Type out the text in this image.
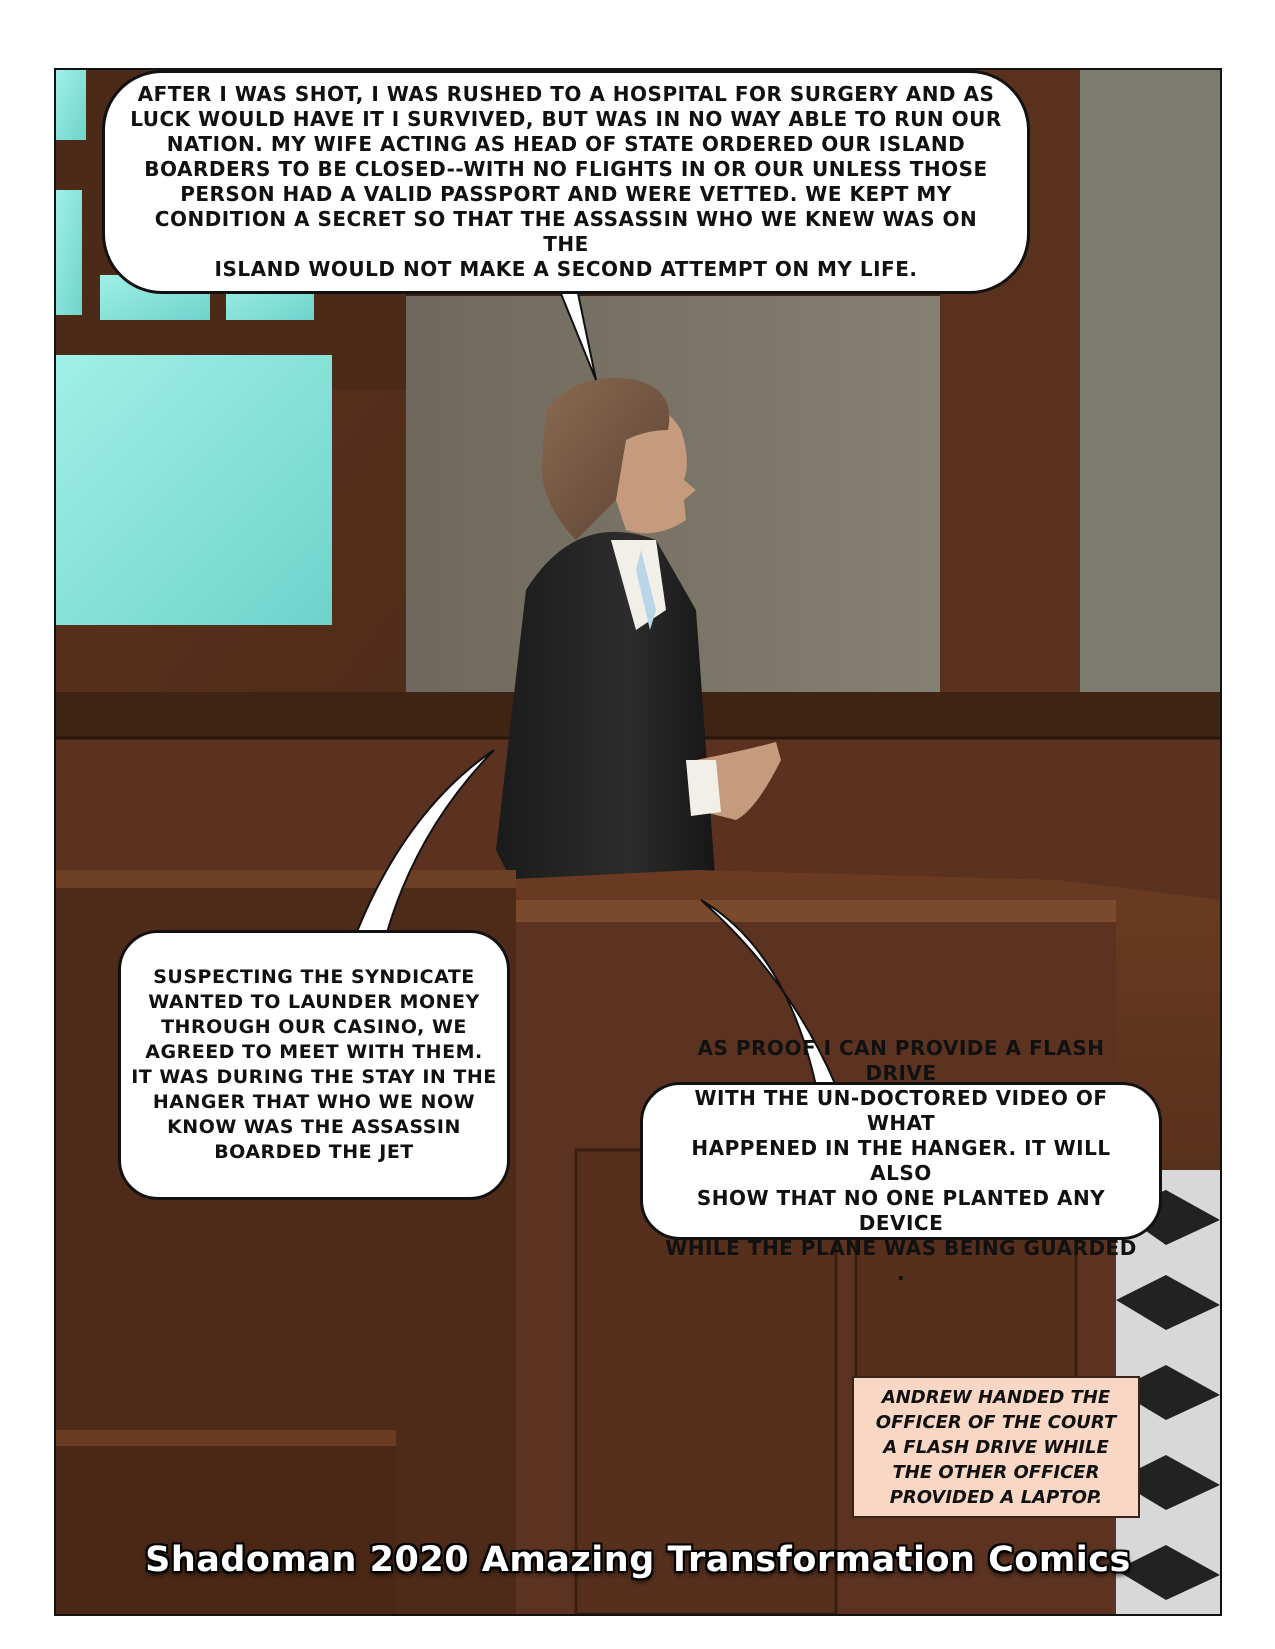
AFTER I WAS SHOT, I WAS RUSHED TO A HOSPITAL FOR SURGERY AND AS
LUCK WOULD HAVE IT I SURVIVED, BUT WAS IN NO WAY ABLE TO RUN OUR
NATION. MY WIFE ACTING AS HEAD OF STATE ORDERED OUR ISLAND
BOARDERS TO BE CLOSED--WITH NO FLIGHTS IN OR OUR UNLESS THOSE
PERSON HAD A VALID PASSPORT AND WERE VETTED. WE KEPT MY
CONDITION A SECRET SO THAT THE ASSASSIN WHO WE KNEW WAS ON THE
ISLAND WOULD NOT MAKE A SECOND ATTEMPT ON MY LIFE.
SUSPECTING THE SYNDICATE
WANTED TO LAUNDER MONEY
THROUGH OUR CASINO, WE
AGREED TO MEET WITH THEM.
IT WAS DURING THE STAY IN THE
HANGER THAT WHO WE NOW
KNOW WAS THE ASSASSIN
BOARDED THE JET
AS PROOF I CAN PROVIDE A FLASH DRIVE
WITH THE UN-DOCTORED VIDEO OF WHAT
HAPPENED IN THE HANGER. IT WILL ALSO
SHOW THAT NO ONE PLANTED ANY DEVICE
WHILE THE PLANE WAS BEING GUARDED .
ANDREW HANDED THE
OFFICER OF THE COURT
A FLASH DRIVE WHILE
THE OTHER OFFICER
PROVIDED A LAPTOP.
Shadoman 2020 Amazing Transformation Comics
